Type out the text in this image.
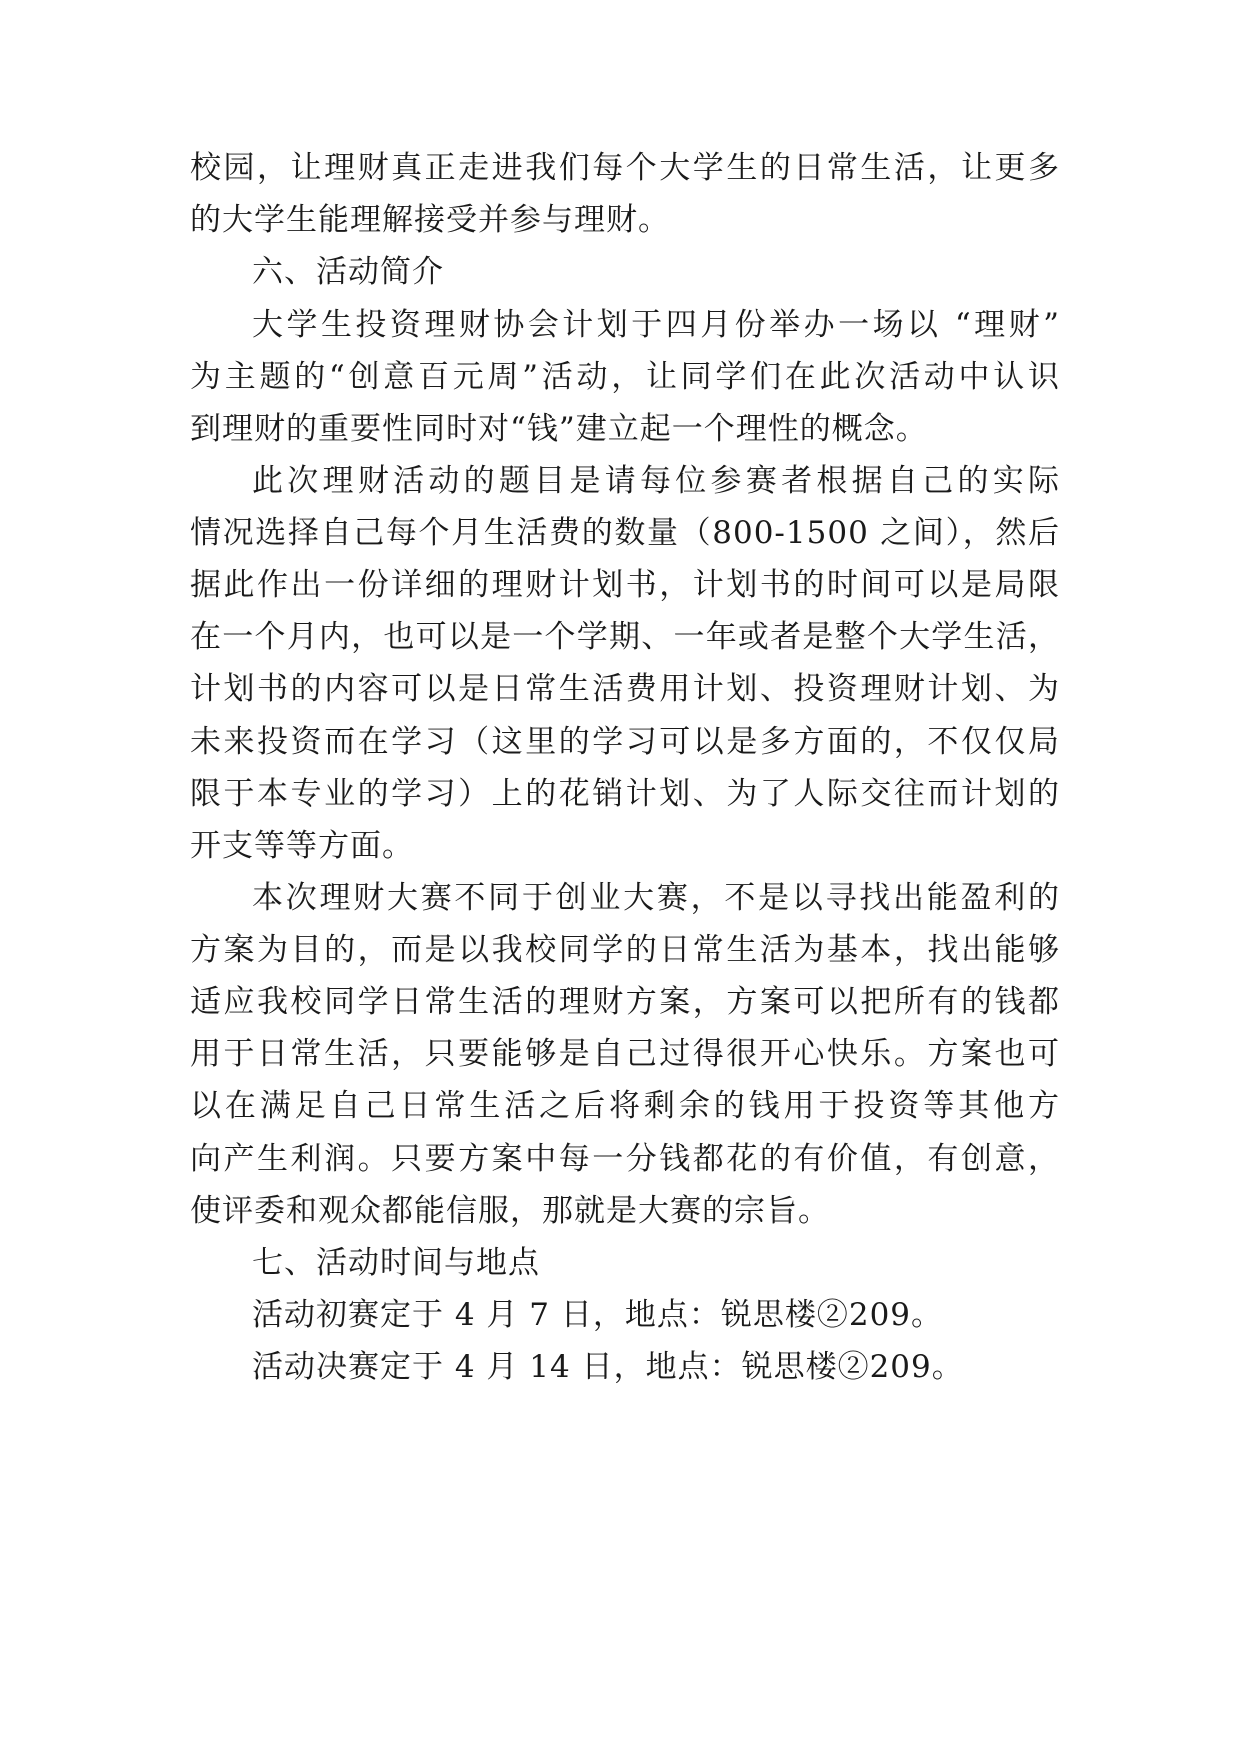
校园，让理财真正走进我们每个大学生的日常生活，让更多
的大学生能理解接受并参与理财。
六、活动简介
大学生投资理财协会计划于四月份举办一场以 “理财”
为主题的“创意百元周”活动，让同学们在此次活动中认识
到理财的重要性同时对“钱”建立起一个理性的概念。
此次理财活动的题目是请每位参赛者根据自己的实际
情况选择自己每个月生活费的数量（800-1500 之间），然后
据此作出一份详细的理财计划书，计划书的时间可以是局限
在一个月内，也可以是一个学期、一年或者是整个大学生活，
计划书的内容可以是日常生活费用计划、投资理财计划、为
未来投资而在学习（这里的学习可以是多方面的，不仅仅局
限于本专业的学习）上的花销计划、为了人际交往而计划的
开支等等方面。
本次理财大赛不同于创业大赛，不是以寻找出能盈利的
方案为目的，而是以我校同学的日常生活为基本，找出能够
适应我校同学日常生活的理财方案，方案可以把所有的钱都
用于日常生活，只要能够是自己过得很开心快乐。方案也可
以在满足自己日常生活之后将剩余的钱用于投资等其他方
向产生利润。只要方案中每一分钱都花的有价值，有创意，
使评委和观众都能信服，那就是大赛的宗旨。
七、活动时间与地点
活动初赛定于 4 月 7 日，地点：锐思楼②209。
活动决赛定于 4 月 14 日，地点：锐思楼②209。
